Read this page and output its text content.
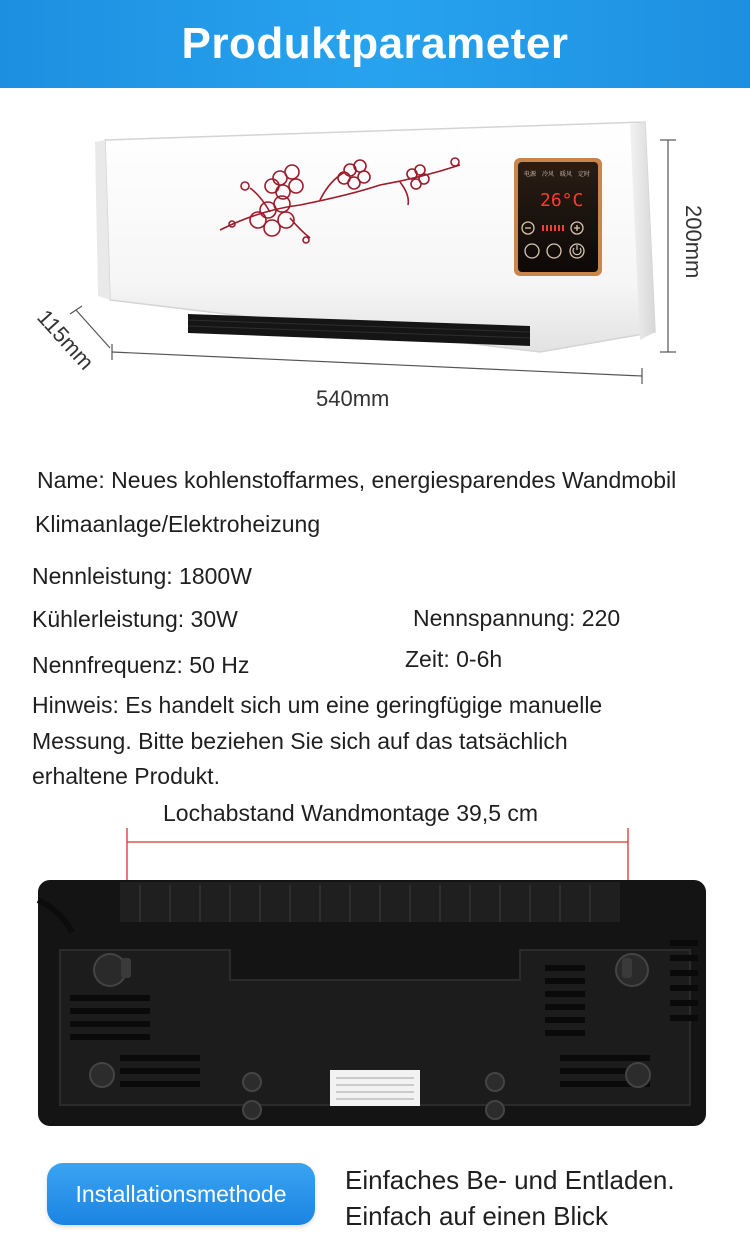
Produktparameter
电源 冷风 暖风 定时
26°C
200mm
115mm
540mm
Name: Neues kohlenstoffarmes, energiesparendes Wandmobil
Klimaanlage/Elektroheizung
Nennleistung: 1800W
Kühlerleistung: 30W	Nennspannung: 220
Nennfrequenz: 50 Hz	Zeit: 0-6h
Hinweis: Es handelt sich um eine geringfügige manuelle
Messung. Bitte beziehen Sie sich auf das tatsächlich
erhaltene Produkt.
Lochabstand Wandmontage 39,5 cm
Installationsmethode	Einfaches Be- und Entladen.
Einfach auf einen Blick
